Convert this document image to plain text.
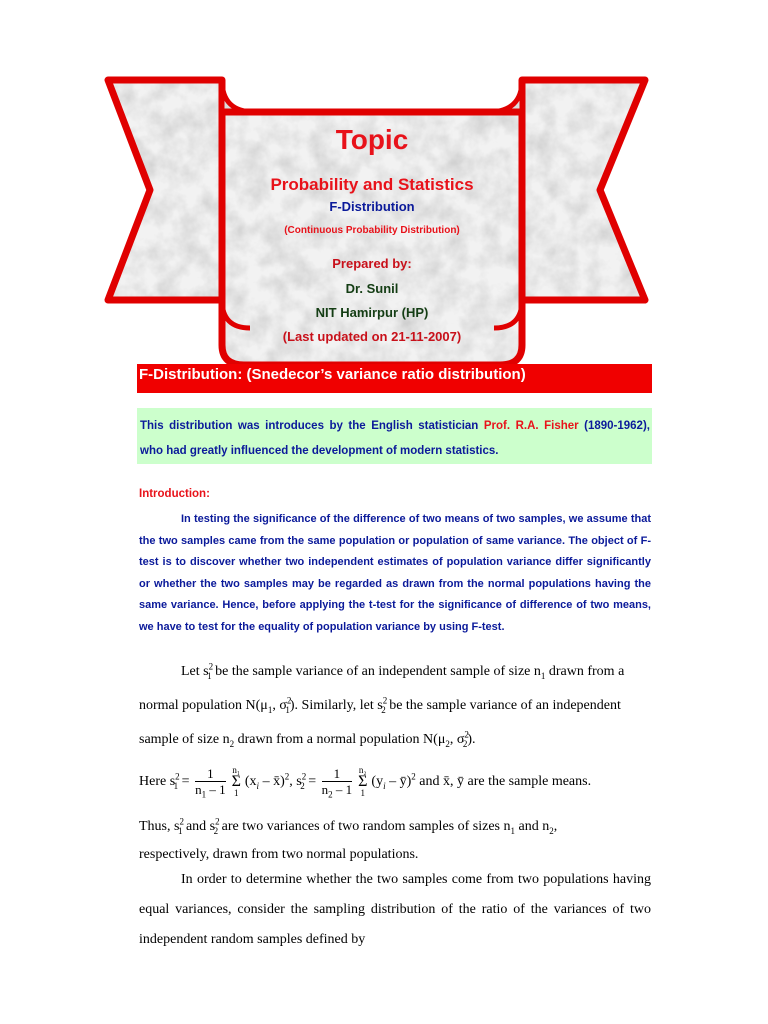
Topic
Probability and Statistics
F-Distribution
(Continuous Probability Distribution)
Prepared by:
Dr. Sunil
NIT Hamirpur (HP)
(Last updated on 21-11-2007)
F-Distribution: (Snedecor’s variance ratio distribution)
This distribution was introduces by the English statistician Prof. R.A. Fisher (1890-1962), who had greatly influenced the development of modern statistics.
Introduction:

In testing the significance of the difference of two means of two samples, we assume that the two samples came from the same population or population of same variance. The object of F-test is to discover whether two independent estimates of population variance differ significantly or whether the two samples may be regarded as drawn from the normal populations having the same variance. Hence, before applying the t-test for the significance of difference of two means, we have to test for the equality of population variance by using F-test.

Let $s^2_1$ be the sample variance of an independent sample of size $n_1$ drawn from a
normal population $N(\mu_1$, $\sigma^2_1$). Similarly, let $s^2_2$ be the sample variance of an independent
sample of size $n_2$ drawn from a normal population $N(\mu_2$, $\sigma^2_2$).
Here $s^2_1 = \frac{1}{n_1 - 1} n_1$
Σ
$1(x_i$ – x̄)$^2$, $s^2_2 = \frac{1}{n_2 - 1} n_2$
Σ
$1(y_i$ – ȳ)$^2$ and x̄, ȳ are the sample means.
Thus, $s^2_1$ and $s^2_2$ are two variances of two random samples of sizes $n_1$ and $n_2$,
respectively, drawn from two normal populations.
In order to determine whether the two samples come from two populations having equal variances, consider the sampling distribution of the ratio of the variances of two independent random samples defined by
